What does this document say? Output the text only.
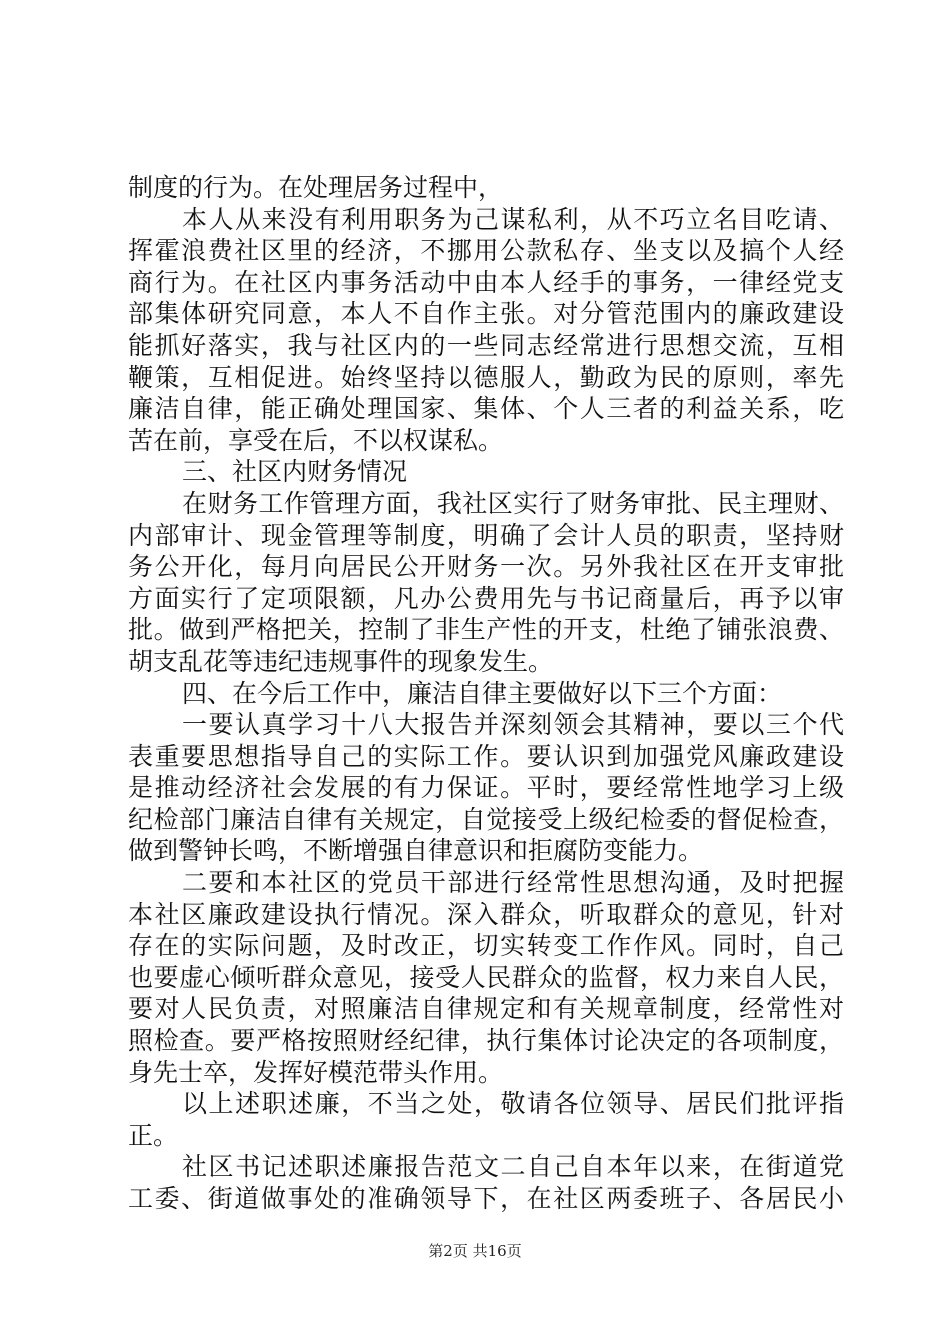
制度的行为。在处理居务过程中，
本人从来没有利用职务为己谋私利，从不巧立名目吃请、
挥霍浪费社区里的经济，不挪用公款私存、坐支以及搞个人经
商行为。在社区内事务活动中由本人经手的事务，一律经党支
部集体研究同意，本人不自作主张。对分管范围内的廉政建设
能抓好落实，我与社区内的一些同志经常进行思想交流，互相
鞭策，互相促进。始终坚持以德服人，勤政为民的原则，率先
廉洁自律，能正确处理国家、集体、个人三者的利益关系，吃
苦在前，享受在后，不以权谋私。
三、社区内财务情况
在财务工作管理方面，我社区实行了财务审批、民主理财、
内部审计、现金管理等制度，明确了会计人员的职责，坚持财
务公开化，每月向居民公开财务一次。另外我社区在开支审批
方面实行了定项限额，凡办公费用先与书记商量后，再予以审
批。做到严格把关，控制了非生产性的开支，杜绝了铺张浪费、
胡支乱花等违纪违规事件的现象发生。
四、在今后工作中，廉洁自律主要做好以下三个方面：
一要认真学习十八大报告并深刻领会其精神，要以三个代
表重要思想指导自己的实际工作。要认识到加强党风廉政建设
是推动经济社会发展的有力保证。平时，要经常性地学习上级
纪检部门廉洁自律有关规定，自觉接受上级纪检委的督促检查，
做到警钟长鸣，不断增强自律意识和拒腐防变能力。
二要和本社区的党员干部进行经常性思想沟通，及时把握
本社区廉政建设执行情况。深入群众，听取群众的意见，针对
存在的实际问题，及时改正，切实转变工作作风。同时，自己
也要虚心倾听群众意见，接受人民群众的监督，权力来自人民，
要对人民负责，对照廉洁自律规定和有关规章制度，经常性对
照检查。要严格按照财经纪律，执行集体讨论决定的各项制度，
身先士卒，发挥好模范带头作用。
以上述职述廉，不当之处，敬请各位领导、居民们批评指
正。
社区书记述职述廉报告范文二自己自本年以来，在街道党
工委、街道做事处的准确领导下，在社区两委班子、各居民小
第2页 共16页
